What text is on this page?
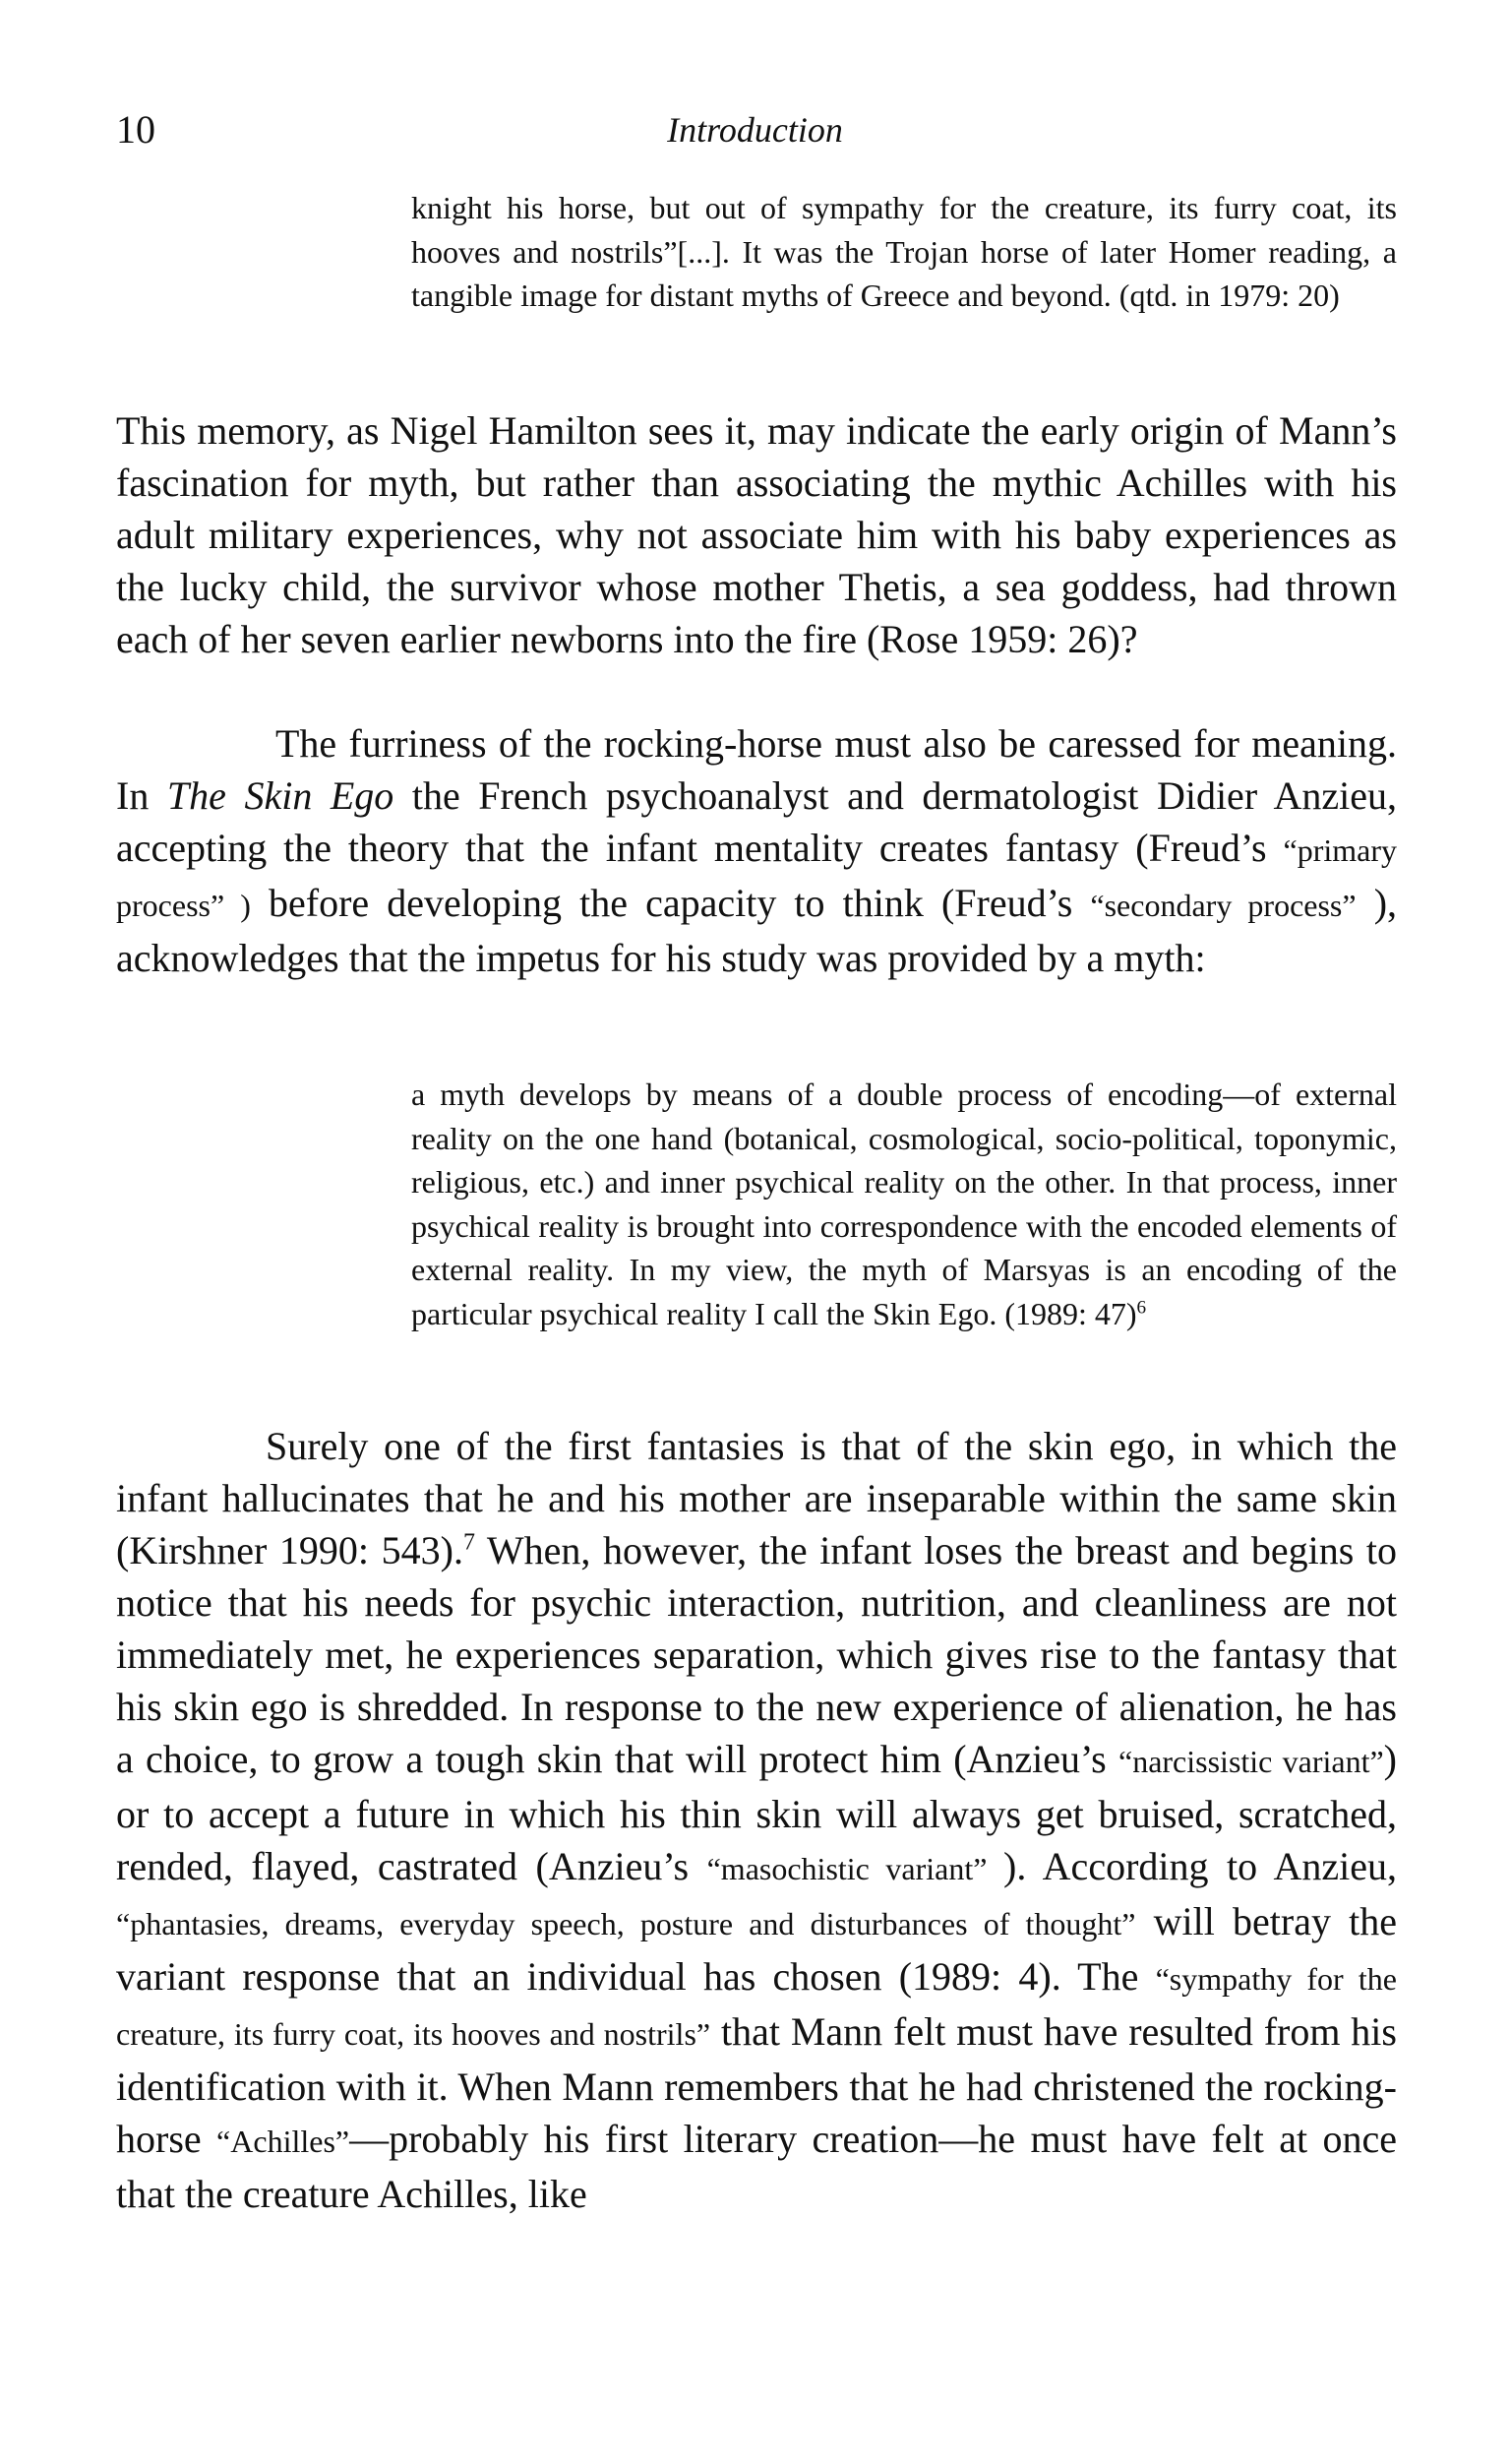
10	Introduction

knight his horse, but out of sympathy for the creature, its furry coat, its hooves and nostrils”[...]. It was the Trojan horse of later Homer reading, a tangible image for distant myths of Greece and beyond. (qtd. in 1979: 20)

This memory, as Nigel Hamilton sees it, may indicate the early origin of Mann’s fascination for myth, but rather than associating the mythic Achilles with his adult military experiences, why not associate him with his baby experiences as the lucky child, the survivor whose mother Thetis, a sea goddess, had thrown each of her seven earlier newborns into the fire (Rose 1959: 26)?

The furriness of the rocking-horse must also be caressed for meaning. In The Skin Ego the French psychoanalyst and dermatologist Didier Anzieu, accepting the theory that the infant mentality creates fantasy (Freud’s “primary process” ) before developing the capacity to think (Freud’s “secondary process” ), acknowledges that the impetus for his study was provided by a myth:

a myth develops by means of a double process of encoding—of external reality on the one hand (botanical, cosmological, socio-political, toponymic, religious, etc.) and inner psychical reality on the other. In that process, inner psychical reality is brought into correspondence with the encoded elements of external reality. In my view, the myth of Marsyas is an encoding of the particular psychical reality I call the Skin Ego. (1989: 47)$^6$

Surely one of the first fantasies is that of the skin ego, in which the infant hallucinates that he and his mother are inseparable within the same skin (Kirshner 1990: 543).$^7$ When, however, the infant loses the breast and begins to notice that his needs for psychic interaction, nutrition, and cleanliness are not immediately met, he experiences separation, which gives rise to the fantasy that his skin ego is shredded. In response to the new experience of alienation, he has a choice, to grow a tough skin that will protect him (Anzieu’s “narcissistic variant”) or to accept a future in which his thin skin will always get bruised, scratched, rended, flayed, castrated (Anzieu’s “masochistic variant” ). According to Anzieu, “phantasies, dreams, everyday speech, posture and disturbances of thought” will betray the variant response that an individual has chosen (1989: 4). The “sympathy for the creature, its furry coat, its hooves and nostrils” that Mann felt must have resulted from his identification with it. When Mann remembers that he had christened the rocking-horse “Achilles”—probably his first literary creation—he must have felt at once that the creature Achilles, like
